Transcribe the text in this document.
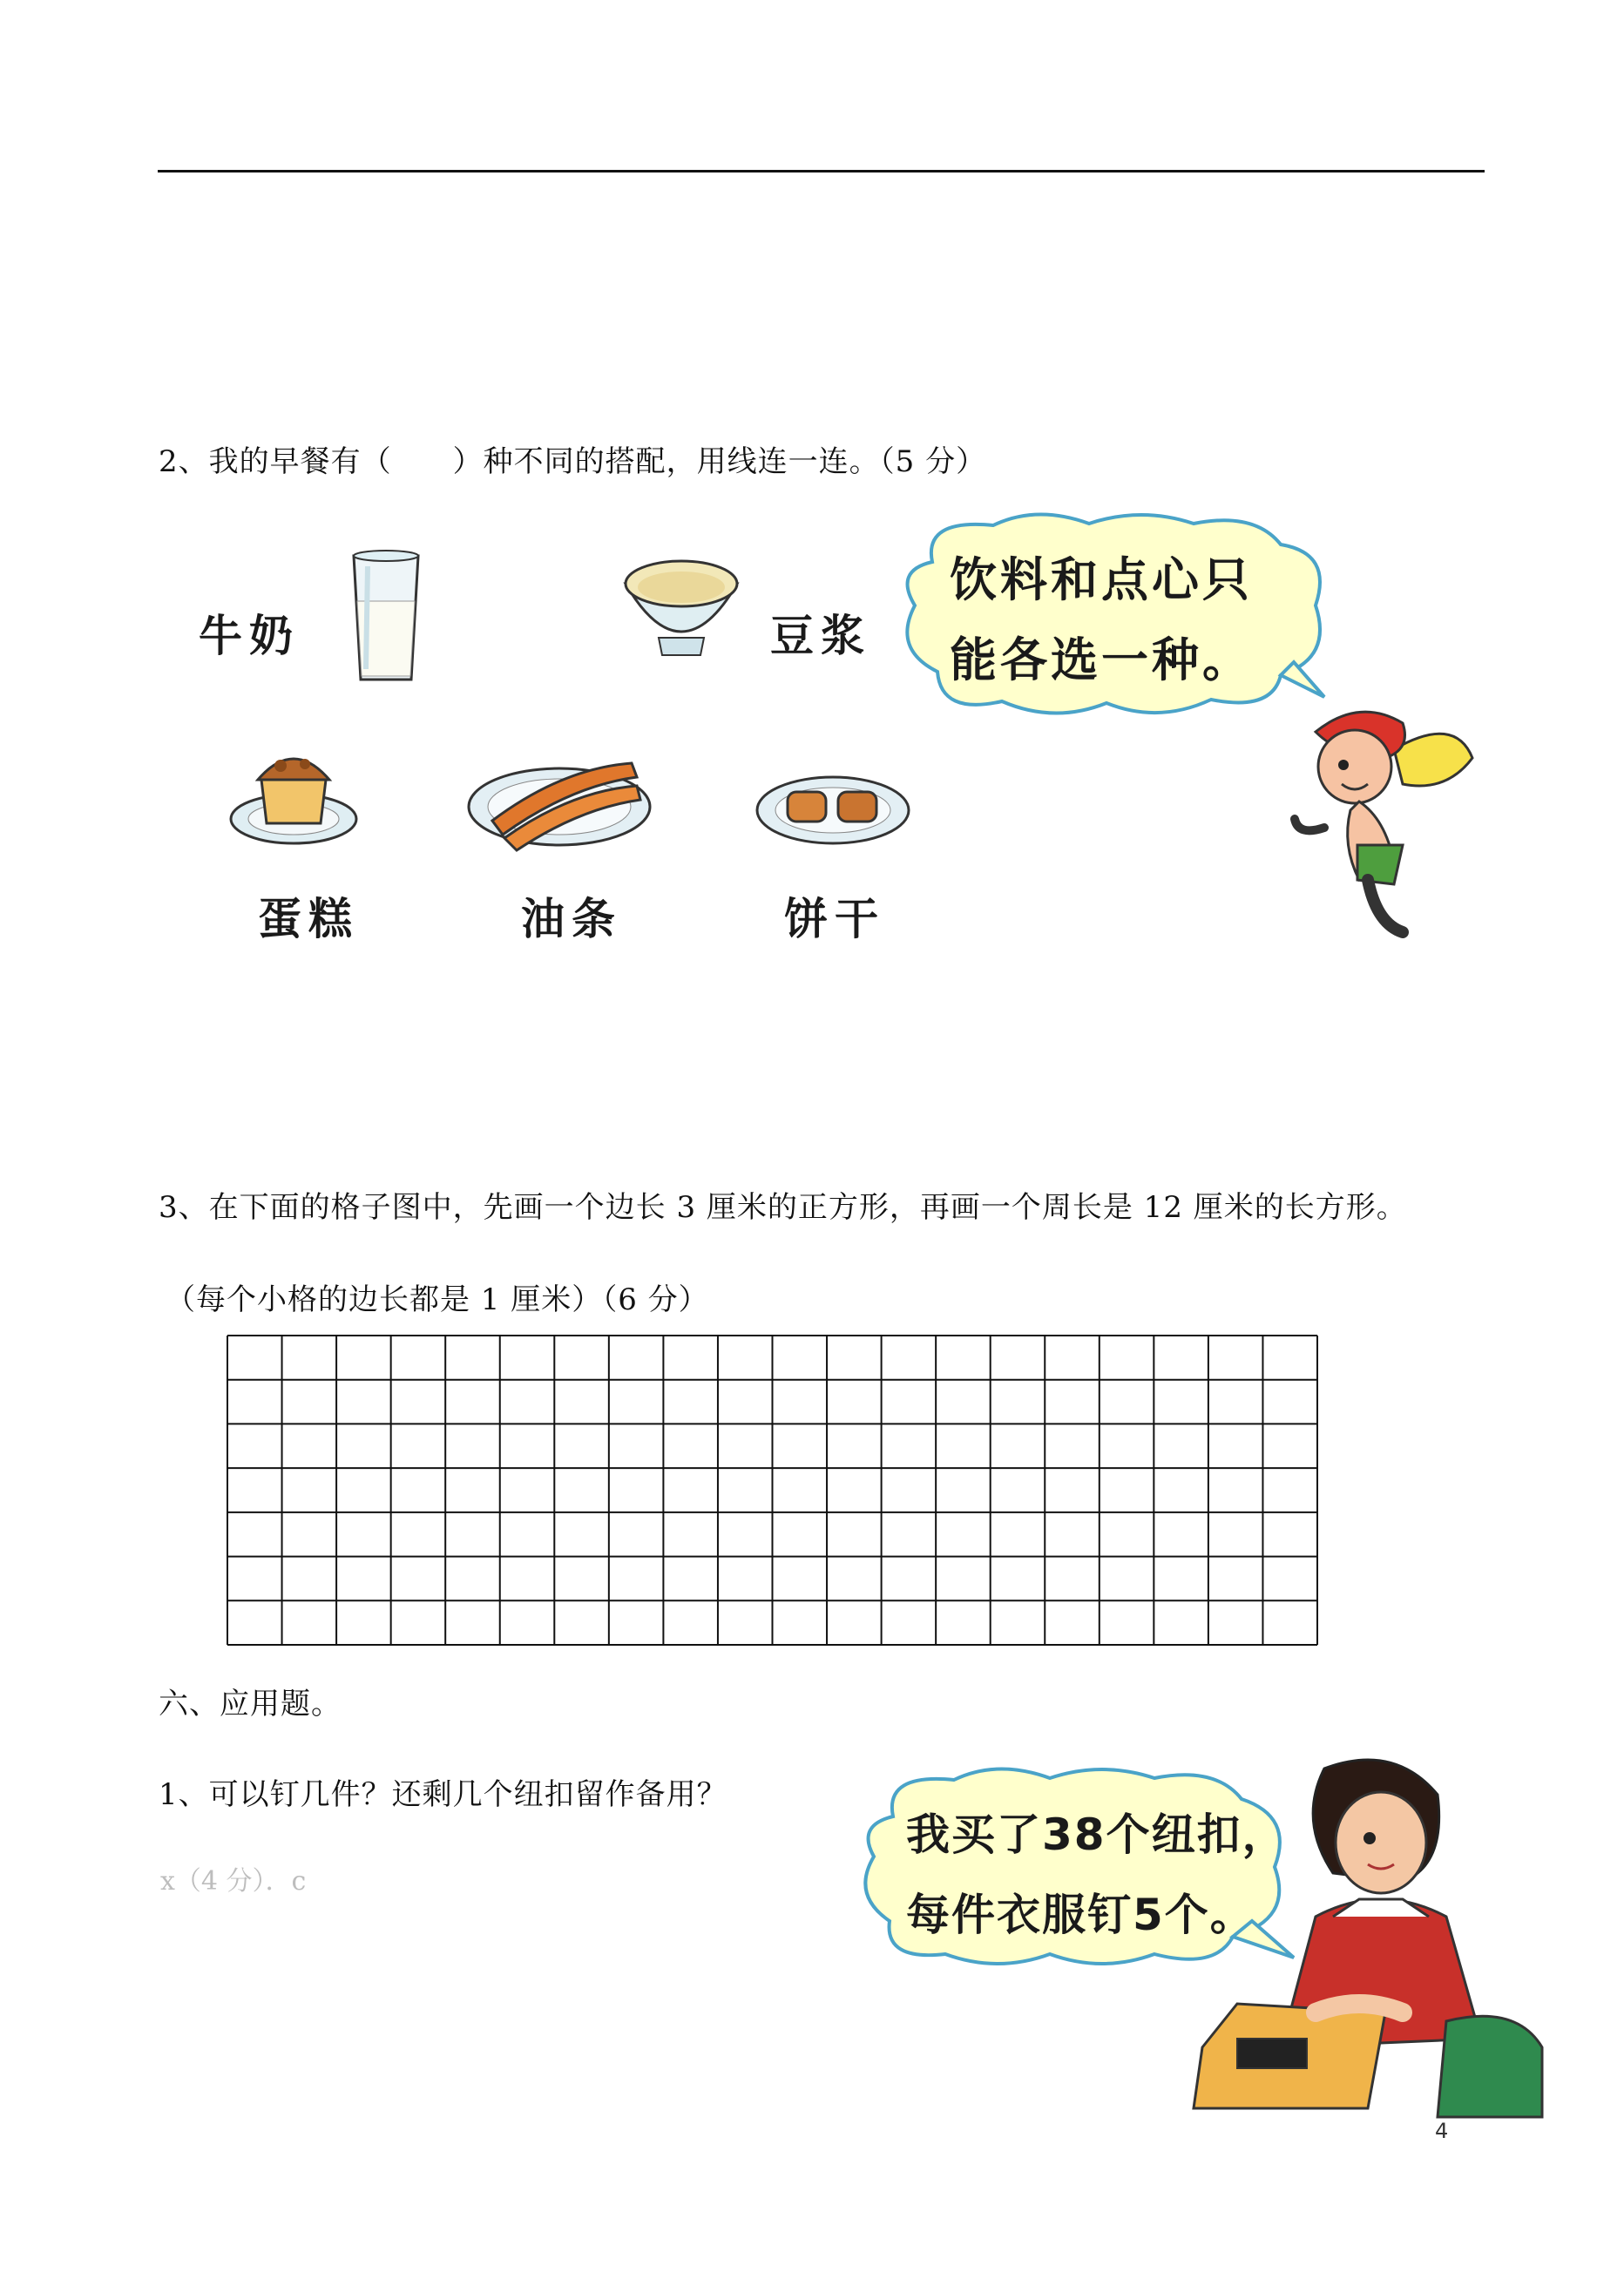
2、我的早餐有（　　）种不同的搭配，用线连一连。（5 分）
牛奶	豆浆
蛋糕	油条	饼干
饮料和点心只
能各选一种。
3、在下面的格子图中，先画一个边长 3 厘米的正方形，再画一个周长是 12 厘米的长方形。
（每个小格的边长都是 1 厘米）（6 分）
六、应用题。
1、可以钉几件？还剩几个纽扣留作备用？
x（4 分）．c
我买了38个纽扣，
每件衣服钉5个。
4
